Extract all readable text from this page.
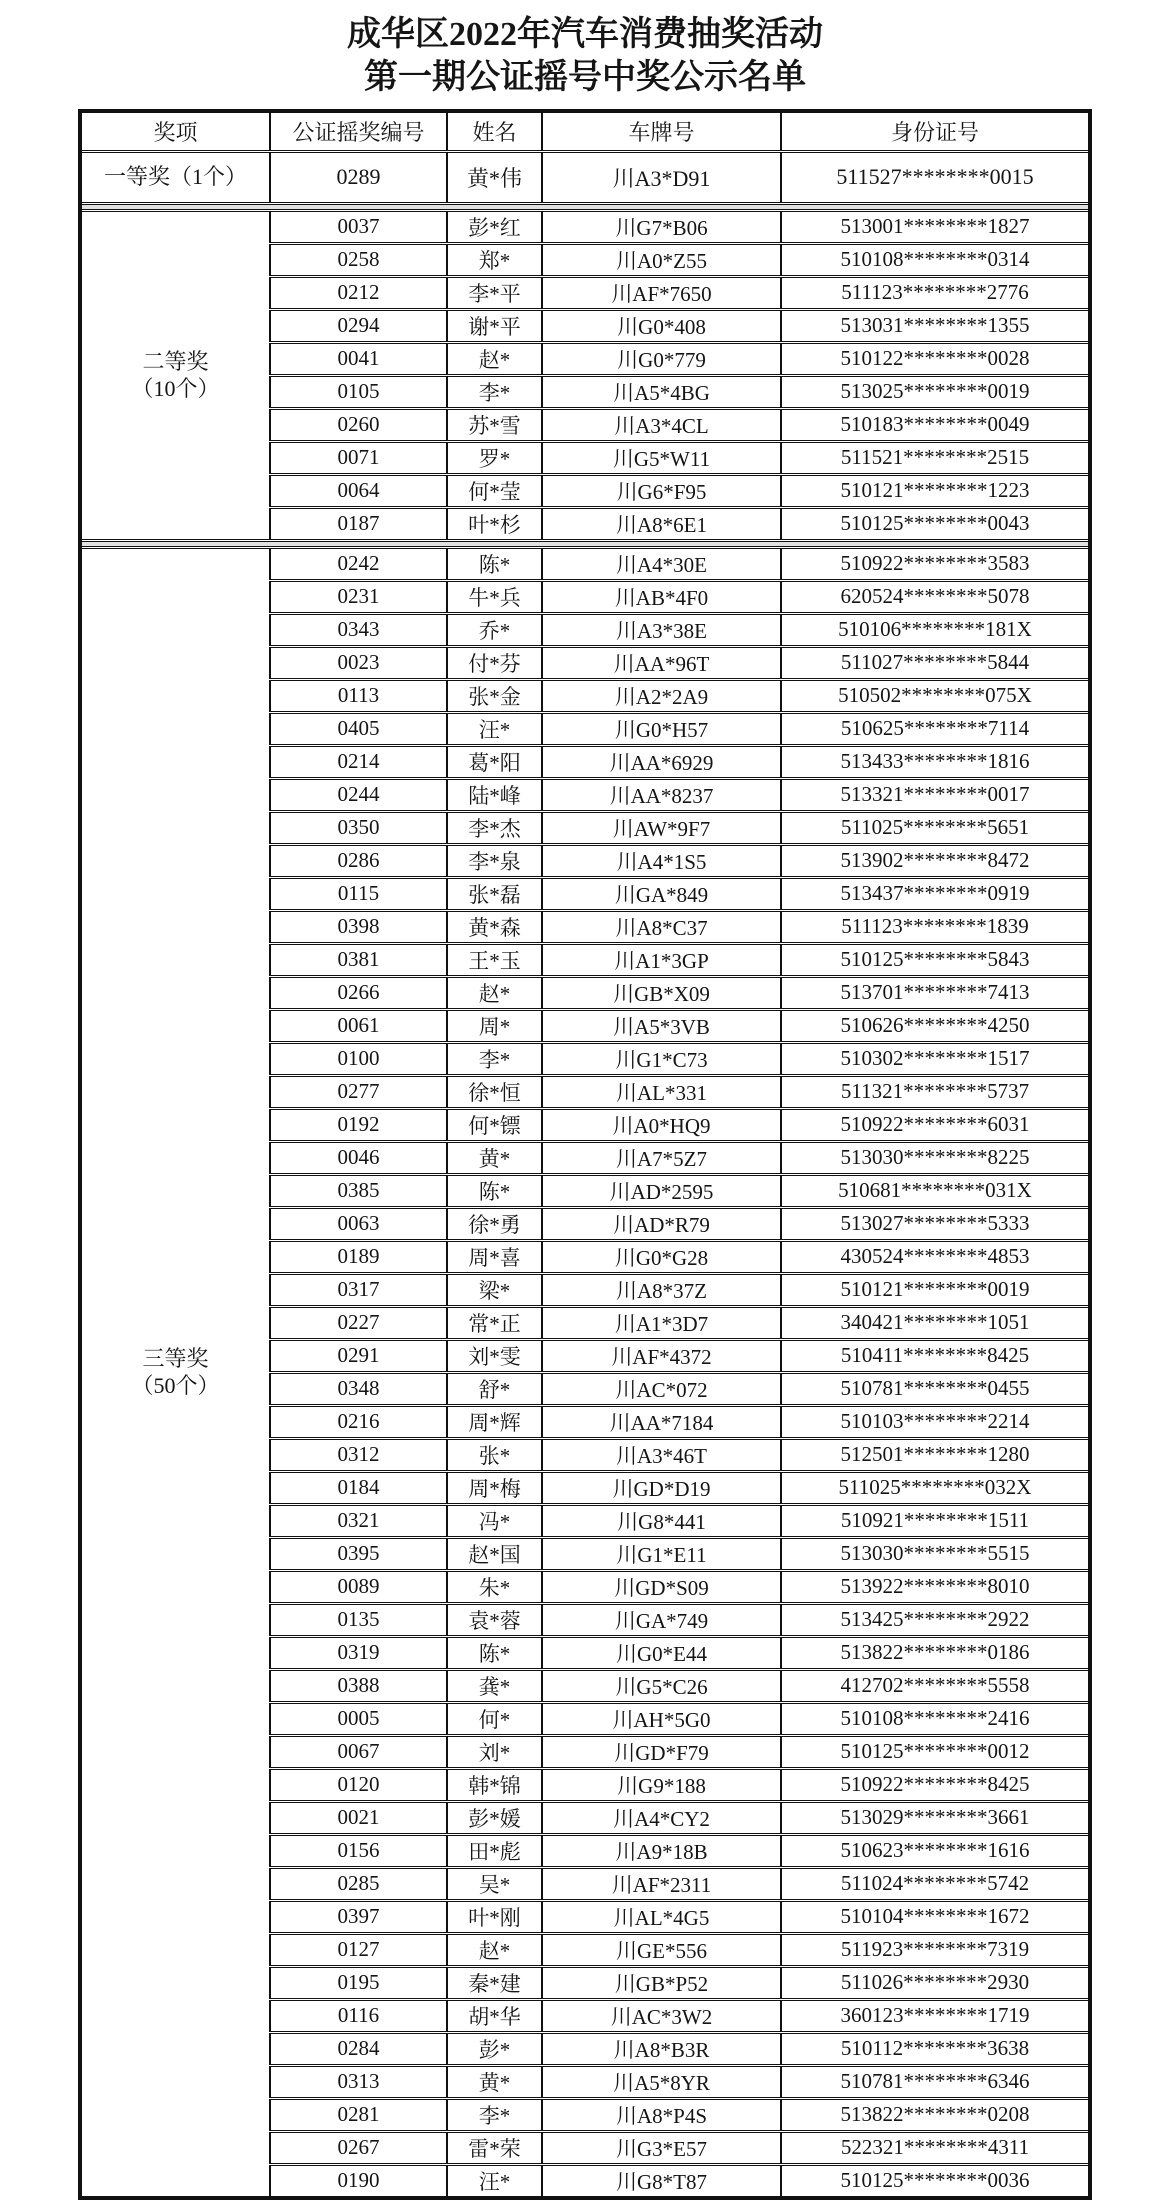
成华区2022年汽车消费抽奖活动
第一期公证摇号中奖公示名单
奖项	公证摇奖编号	姓名	车牌号	身份证号

一等奖（1个）	0289	黄*伟	川A3*D91	511527********0015

二等奖
（10个）	0037	彭*红	川G7*B06	513001********1827
	0258	郑*	川A0*Z55	510108********0314
	0212	李*平	川AF*7650	511123********2776
	0294	谢*平	川G0*408	513031********1355
	0041	赵*	川G0*779	510122********0028
	0105	李*	川A5*4BG	513025********0019
	0260	苏*雪	川A3*4CL	510183********0049
	0071	罗*	川G5*W11	511521********2515
	0064	何*莹	川G6*F95	510121********1223
	0187	叶*杉	川A8*6E1	510125********0043

三等奖
（50个）	0242	陈*	川A4*30E	510922********3583
	0231	牛*兵	川AB*4F0	620524********5078
	0343	乔*	川A3*38E	510106********181X
	0023	付*芬	川AA*96T	511027********5844
	0113	张*金	川A2*2A9	510502********075X
	0405	汪*	川G0*H57	510625********7114
	0214	葛*阳	川AA*6929	513433********1816
	0244	陆*峰	川AA*8237	513321********0017
	0350	李*杰	川AW*9F7	511025********5651
	0286	李*泉	川A4*1S5	513902********8472
	0115	张*磊	川GA*849	513437********0919
	0398	黄*森	川A8*C37	511123********1839
	0381	王*玉	川A1*3GP	510125********5843
	0266	赵*	川GB*X09	513701********7413
	0061	周*	川A5*3VB	510626********4250
	0100	李*	川G1*C73	510302********1517
	0277	徐*恒	川AL*331	511321********5737
	0192	何*镖	川A0*HQ9	510922********6031
	0046	黄*	川A7*5Z7	513030********8225
	0385	陈*	川AD*2595	510681********031X
	0063	徐*勇	川AD*R79	513027********5333
	0189	周*喜	川G0*G28	430524********4853
	0317	梁*	川A8*37Z	510121********0019
	0227	常*正	川A1*3D7	340421********1051
	0291	刘*雯	川AF*4372	510411********8425
	0348	舒*	川AC*072	510781********0455
	0216	周*辉	川AA*7184	510103********2214
	0312	张*	川A3*46T	512501********1280
	0184	周*梅	川GD*D19	511025********032X
	0321	冯*	川G8*441	510921********1511
	0395	赵*国	川G1*E11	513030********5515
	0089	朱*	川GD*S09	513922********8010
	0135	袁*蓉	川GA*749	513425********2922
	0319	陈*	川G0*E44	513822********0186
	0388	龚*	川G5*C26	412702********5558
	0005	何*	川AH*5G0	510108********2416
	0067	刘*	川GD*F79	510125********0012
	0120	韩*锦	川G9*188	510922********8425
	0021	彭*媛	川A4*CY2	513029********3661
	0156	田*彪	川A9*18B	510623********1616
	0285	吴*	川AF*2311	511024********5742
	0397	叶*刚	川AL*4G5	510104********1672
	0127	赵*	川GE*556	511923********7319
	0195	秦*建	川GB*P52	511026********2930
	0116	胡*华	川AC*3W2	360123********1719
	0284	彭*	川A8*B3R	510112********3638
	0313	黄*	川A5*8YR	510781********6346
	0281	李*	川A8*P4S	513822********0208
	0267	雷*荣	川G3*E57	522321********4311
	0190	汪*	川G8*T87	510125********0036
